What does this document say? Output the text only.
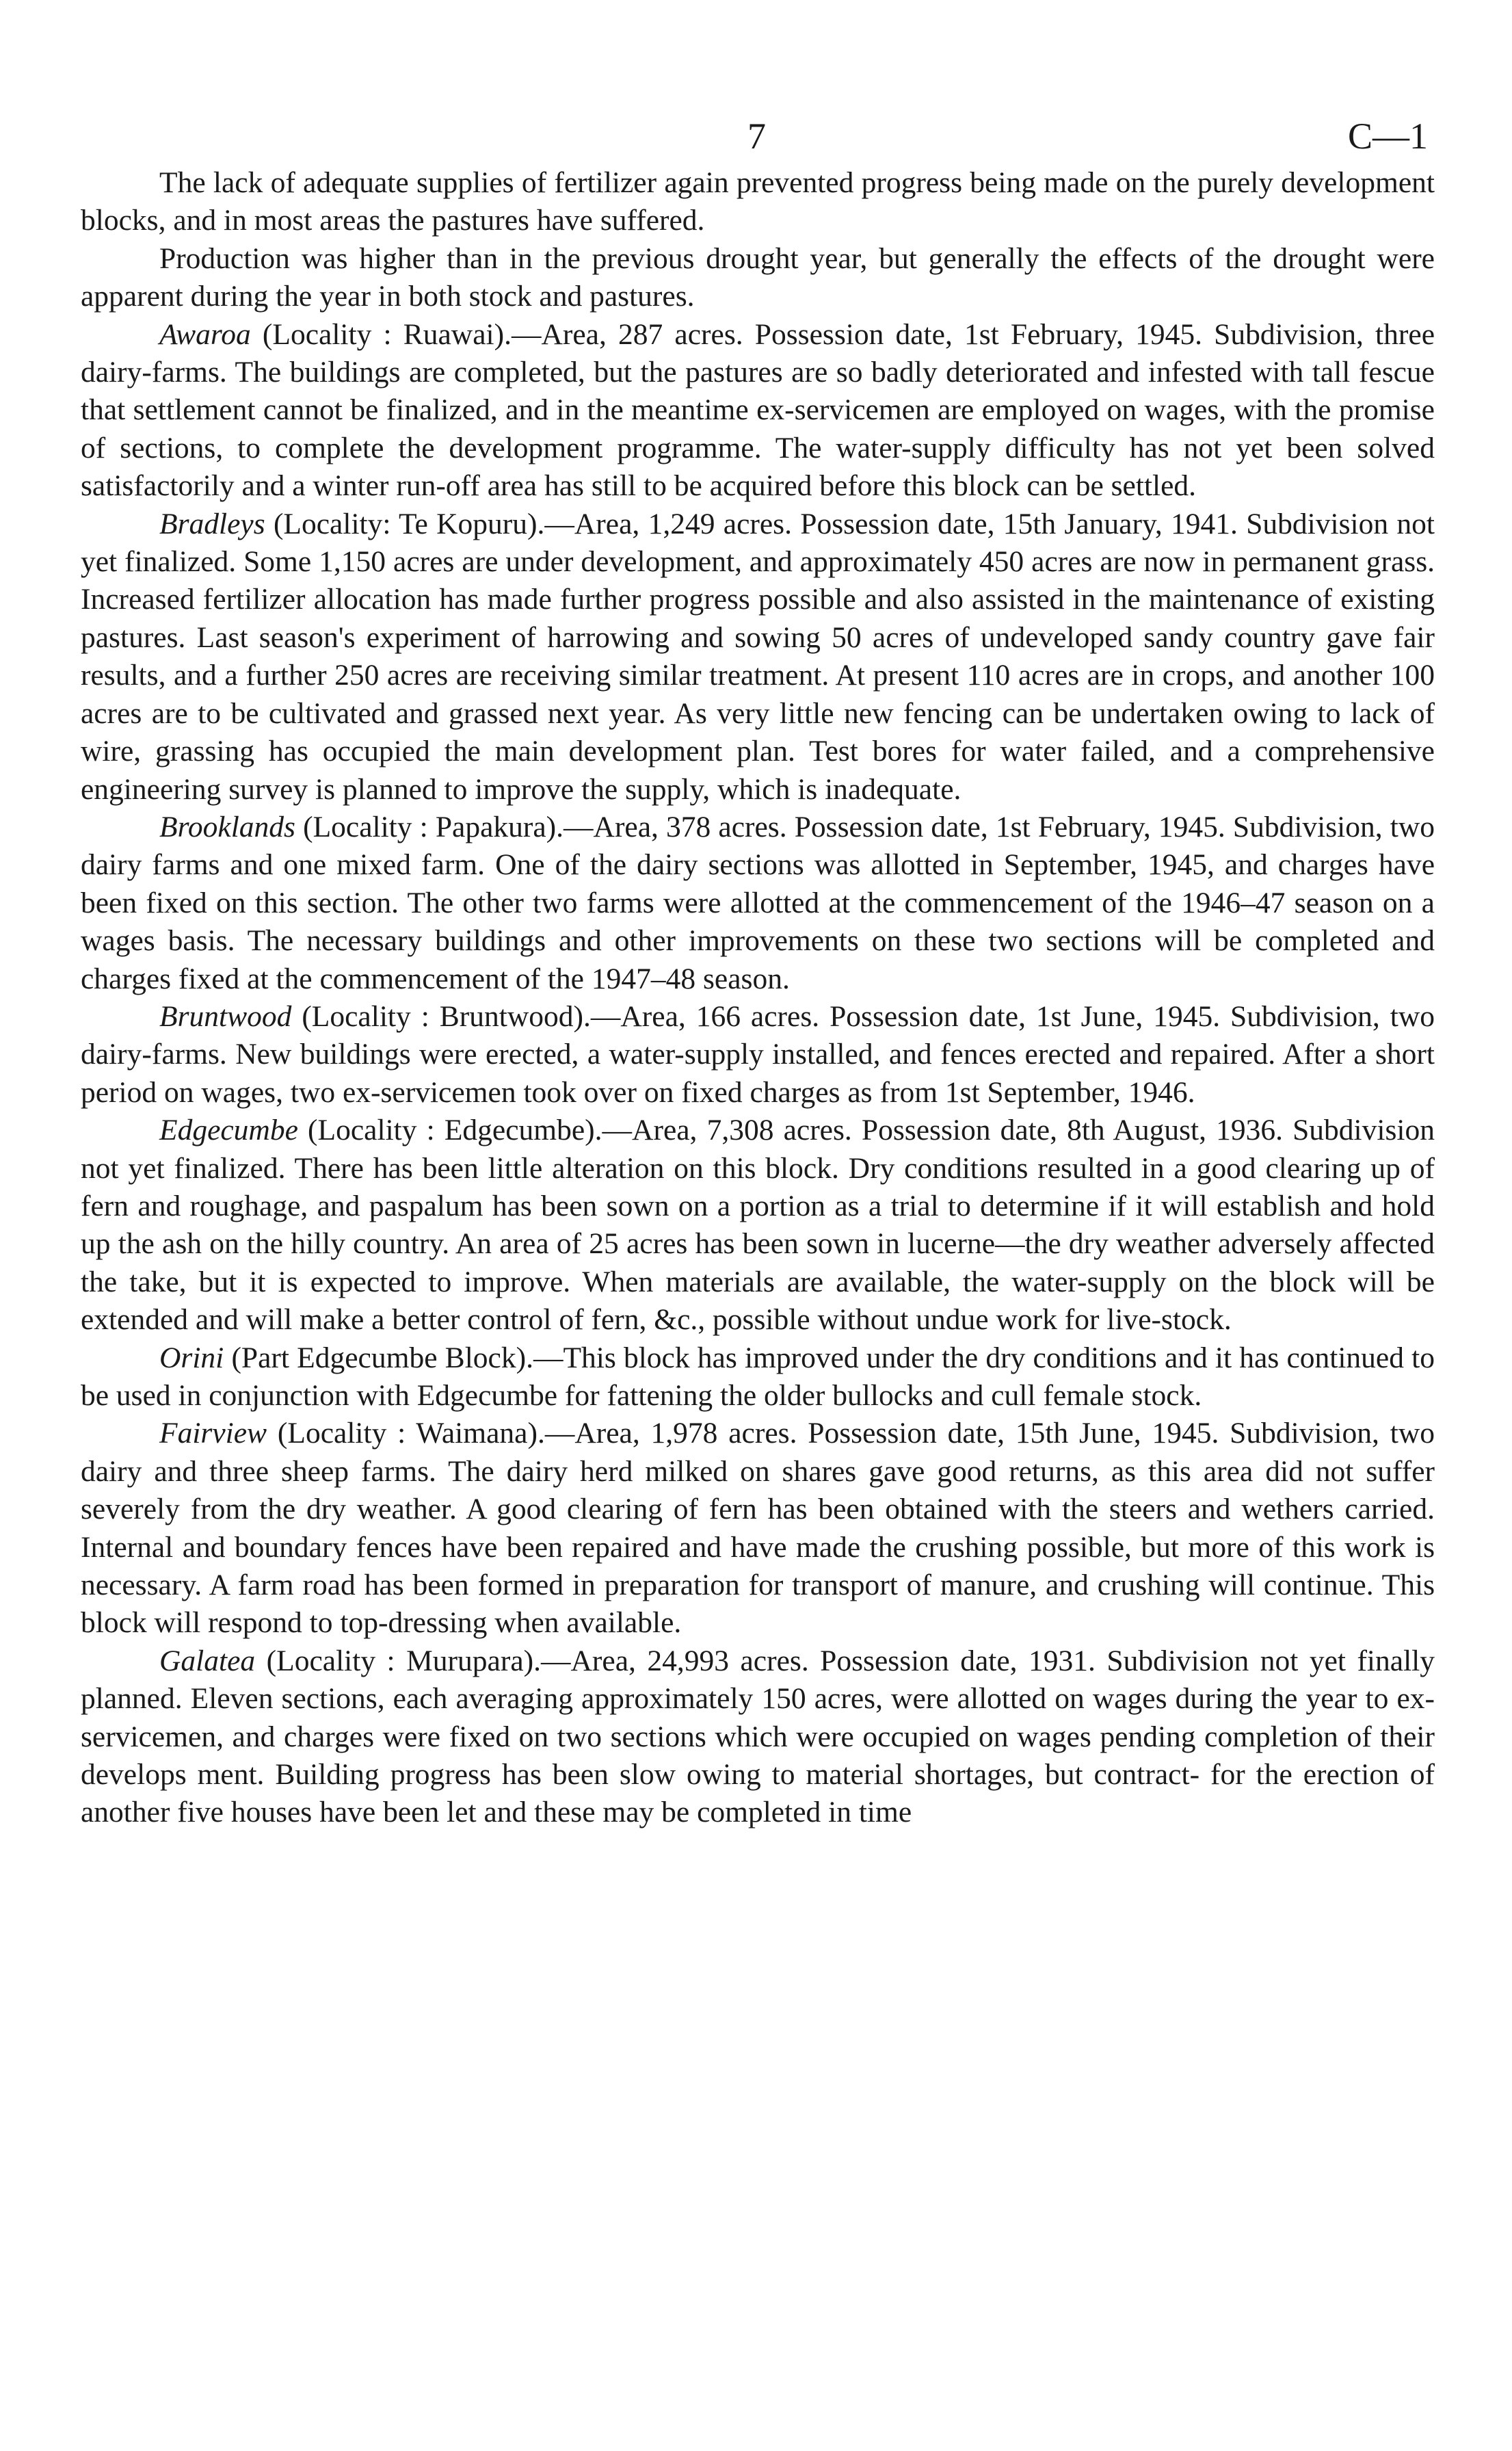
7	C—1

The lack of adequate supplies of fertilizer again prevented progress being made on the purely development blocks, and in most areas the pastures have suffered.

Production was higher than in the previous drought year, but generally the effects of the drought were apparent during the year in both stock and pastures.

Awaroa (Locality : Ruawai).—Area, 287 acres. Possession date, 1st February, 1945. Subdivision, three dairy-farms. The buildings are completed, but the pastures are so badly deteriorated and infested with tall fescue that settlement cannot be finalized, and in the meantime ex-servicemen are employed on wages, with the promise of sections, to complete the development programme. The water-supply difficulty has not yet been solved satisfactorily and a winter run-off area has still to be acquired before this block can be settled.

Bradleys (Locality: Te Kopuru).—Area, 1,249 acres. Possession date, 15th January, 1941. Subdivision not yet finalized. Some 1,150 acres are under development, and approximately 450 acres are now in permanent grass. Increased fertilizer allocation has made further progress possible and also assisted in the maintenance of existing pastures. Last season's experiment of harrowing and sowing 50 acres of undeveloped sandy country gave fair results, and a further 250 acres are receiving similar treatment. At present 110 acres are in crops, and another 100 acres are to be cultivated and grassed next year. As very little new fencing can be undertaken owing to lack of wire, grassing has occupied the main development plan. Test bores for water failed, and a comprehensive engineering survey is planned to improve the supply, which is inadequate.

Brooklands (Locality : Papakura).—Area, 378 acres. Possession date, 1st February, 1945. Subdivision, two dairy farms and one mixed farm. One of the dairy sections was allotted in September, 1945, and charges have been fixed on this section. The other two farms were allotted at the commencement of the 1946–47 season on a wages basis. The necessary buildings and other improvements on these two sections will be completed and charges fixed at the commencement of the 1947–48 season.

Bruntwood (Locality : Bruntwood).—Area, 166 acres. Possession date, 1st June, 1945. Subdivision, two dairy-farms. New buildings were erected, a water-supply installed, and fences erected and repaired. After a short period on wages, two ex-servicemen took over on fixed charges as from 1st September, 1946.

Edgecumbe (Locality : Edgecumbe).—Area, 7,308 acres. Possession date, 8th August, 1936. Subdivision not yet finalized. There has been little alteration on this block. Dry conditions resulted in a good clearing up of fern and roughage, and paspalum has been sown on a portion as a trial to determine if it will establish and hold up the ash on the hilly country. An area of 25 acres has been sown in lucerne—the dry weather adversely affected the take, but it is expected to improve. When materials are available, the water-supply on the block will be extended and will make a better control of fern, &c., possible without undue work for live-stock.

Orini (Part Edgecumbe Block).—This block has improved under the dry conditions and it has continued to be used in conjunction with Edgecumbe for fattening the older bullocks and cull female stock.

Fairview (Locality : Waimana).—Area, 1,978 acres. Possession date, 15th June, 1945. Subdivision, two dairy and three sheep farms. The dairy herd milked on shares gave good returns, as this area did not suffer severely from the dry weather. A good clearing of fern has been obtained with the steers and wethers carried. Internal and boundary fences have been repaired and have made the crushing possible, but more of this work is necessary. A farm road has been formed in preparation for transport of manure, and crushing will continue. This block will respond to top-dressing when available.

Galatea (Locality : Murupara).—Area, 24,993 acres. Possession date, 1931. Subdivision not yet finally planned. Eleven sections, each averaging approximately 150 acres, were allotted on wages during the year to ex-servicemen, and charges were fixed on two sections which were occupied on wages pending completion of their develops ment. Building progress has been slow owing to material shortages, but contract- for the erection of another five houses have been let and these may be completed in time
